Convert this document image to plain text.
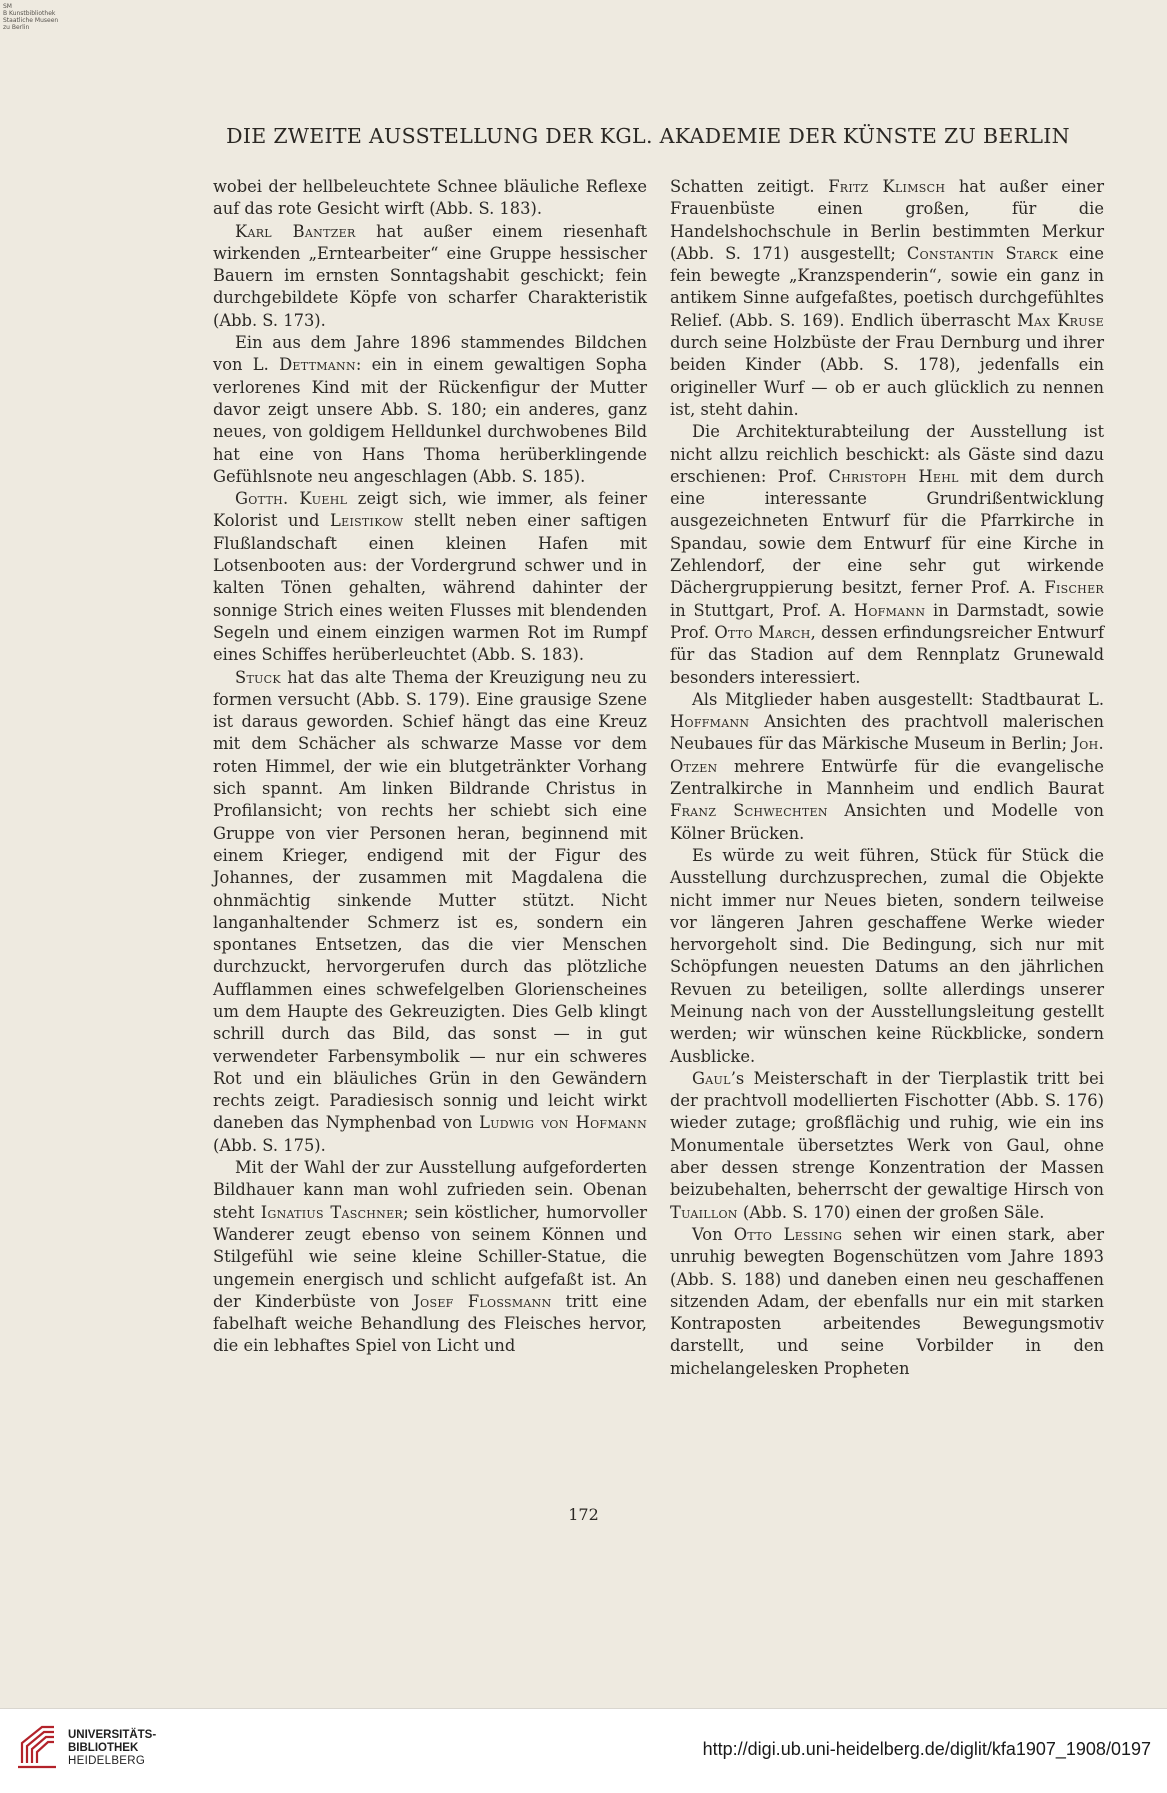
SM
B Kunstbibliothek
Staatliche Museen
zu Berlin
DIE ZWEITE AUSSTELLUNG DER KGL. AKADEMIE DER KÜNSTE ZU BERLIN

wobei der hellbeleuchtete Schnee bläuliche Reflexe auf das rote Gesicht wirft (Abb. S. 183).

Karl Bantzer hat außer einem riesenhaft wirkenden „Erntearbeiter“ eine Gruppe hessischer Bauern im ernsten Sonntagshabit geschickt; fein durchgebildete Köpfe von scharfer Charakteristik (Abb. S. 173).

Ein aus dem Jahre 1896 stammendes Bildchen von L. Dettmann: ein in einem gewaltigen Sopha verlorenes Kind mit der Rückenfigur der Mutter davor zeigt unsere Abb. S. 180; ein anderes, ganz neues, von goldigem Helldunkel durchwobenes Bild hat eine von Hans Thoma herüberklingende Gefühlsnote neu angeschlagen (Abb. S. 185).

Gotth. Kuehl zeigt sich, wie immer, als feiner Kolorist und Leistikow stellt neben einer saftigen Flußlandschaft einen kleinen Hafen mit Lotsenbooten aus: der Vordergrund schwer und in kalten Tönen gehalten, während dahinter der sonnige Strich eines weiten Flusses mit blendenden Segeln und einem einzigen warmen Rot im Rumpf eines Schiffes herüberleuchtet (Abb. S. 183).

Stuck hat das alte Thema der Kreuzigung neu zu formen versucht (Abb. S. 179). Eine grausige Szene ist daraus geworden. Schief hängt das eine Kreuz mit dem Schächer als schwarze Masse vor dem roten Himmel, der wie ein blutgetränkter Vorhang sich spannt. Am linken Bildrande Christus in Profilansicht; von rechts her schiebt sich eine Gruppe von vier Personen heran, beginnend mit einem Krieger, endigend mit der Figur des Johannes, der zusammen mit Magdalena die ohnmächtig sinkende Mutter stützt. Nicht langanhaltender Schmerz ist es, sondern ein spontanes Entsetzen, das die vier Menschen durchzuckt, hervorgerufen durch das plötzliche Aufflammen eines schwefelgelben Glorienscheines um dem Haupte des Gekreuzigten. Dies Gelb klingt schrill durch das Bild, das sonst — in gut verwendeter Farbensymbolik — nur ein schweres Rot und ein bläuliches Grün in den Gewändern rechts zeigt. Paradiesisch sonnig und leicht wirkt daneben das Nymphenbad von Ludwig von Hofmann (Abb. S. 175).

Mit der Wahl der zur Ausstellung aufgeforderten Bildhauer kann man wohl zufrieden sein. Obenan steht Ignatius Taschner; sein köstlicher, humorvoller Wanderer zeugt ebenso von seinem Können und Stilgefühl wie seine kleine Schiller-Statue, die ungemein energisch und schlicht aufgefaßt ist. An der Kinderbüste von Josef Flossmann tritt eine fabelhaft weiche Behandlung des Fleisches hervor, die ein lebhaftes Spiel von Licht und

Schatten zeitigt. Fritz Klimsch hat außer einer Frauenbüste einen großen, für die Handelshochschule in Berlin bestimmten Merkur (Abb. S. 171) ausgestellt; Constantin Starck eine fein bewegte „Kranzspenderin“, sowie ein ganz in antikem Sinne aufgefaßtes, poetisch durchgefühltes Relief. (Abb. S. 169). Endlich überrascht Max Kruse durch seine Holzbüste der Frau Dernburg und ihrer beiden Kinder (Abb. S. 178), jedenfalls ein origineller Wurf — ob er auch glücklich zu nennen ist, steht dahin.

Die Architekturabteilung der Ausstellung ist nicht allzu reichlich beschickt: als Gäste sind dazu erschienen: Prof. Christoph Hehl mit dem durch eine interessante Grundrißentwicklung ausgezeichneten Entwurf für die Pfarrkirche in Spandau, sowie dem Entwurf für eine Kirche in Zehlendorf, der eine sehr gut wirkende Dächergruppierung besitzt, ferner Prof. A. Fischer in Stuttgart, Prof. A. Hofmann in Darmstadt, sowie Prof. Otto March, dessen erfindungsreicher Entwurf für das Stadion auf dem Rennplatz Grunewald besonders interessiert.

Als Mitglieder haben ausgestellt: Stadtbaurat L. Hoffmann Ansichten des prachtvoll malerischen Neubaues für das Märkische Museum in Berlin; Joh. Otzen mehrere Entwürfe für die evangelische Zentralkirche in Mannheim und endlich Baurat Franz Schwechten Ansichten und Modelle von Kölner Brücken.

Es würde zu weit führen, Stück für Stück die Ausstellung durchzusprechen, zumal die Objekte nicht immer nur Neues bieten, sondern teilweise vor längeren Jahren geschaffene Werke wieder hervorgeholt sind. Die Bedingung, sich nur mit Schöpfungen neuesten Datums an den jährlichen Revuen zu beteiligen, sollte allerdings unserer Meinung nach von der Ausstellungsleitung gestellt werden; wir wünschen keine Rückblicke, sondern Ausblicke.

Gaul’s Meisterschaft in der Tierplastik tritt bei der prachtvoll modellierten Fischotter (Abb. S. 176) wieder zutage; großflächig und ruhig, wie ein ins Monumentale übersetztes Werk von Gaul, ohne aber dessen strenge Konzentration der Massen beizubehalten, beherrscht der gewaltige Hirsch von Tuaillon (Abb. S. 170) einen der großen Säle.

Von Otto Lessing sehen wir einen stark, aber unruhig bewegten Bogenschützen vom Jahre 1893 (Abb. S. 188) und daneben einen neu geschaffenen sitzenden Adam, der ebenfalls nur ein mit starken Kontraposten arbeitendes Bewegungsmotiv darstellt, und seine Vorbilder in den michelangelesken Propheten

172
UNIVERSITÄTS-
BIBLIOTHEK
HEIDELBERG
http://digi.ub.uni-heidelberg.de/diglit/kfa1907_1908/0197
